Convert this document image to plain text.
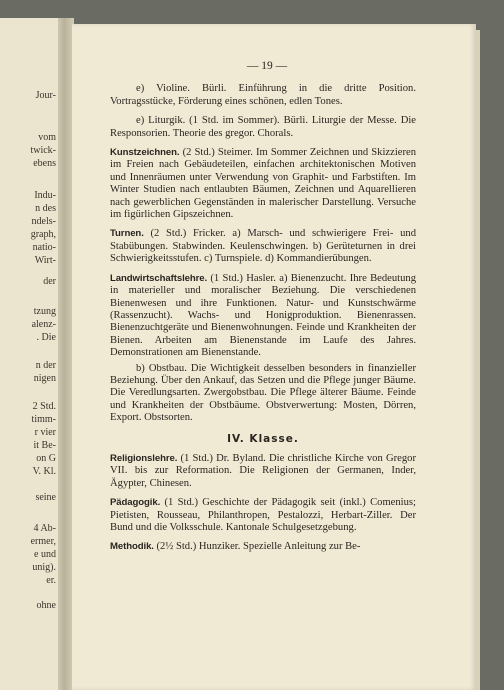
Jour-
vom
twick-
ebens
Indu-
n des
ndels-
graph,
natio-
Wirt-
der
tzung
alenz-
. Die
n der
nigen
2 Std.
timm-
r vier
it Be-
on G
V. Kl.
seine
4 Ab-
ermer,
e und
unig).
er.
ohne
— 19 —

e) Violine. Bürli. Einführung in die dritte Position. Vortragsstücke, Förderung eines schönen, edlen Tones.

e) Liturgik. (1 Std. im Sommer). Bürli. Liturgie der Messe. Die Responsorien. Theorie des gregor. Chorals.

Kunstzeichnen. (2 Std.) Steimer. Im Sommer Zeichnen und Skizzieren im Freien nach Gebäudeteilen, einfachen architektonischen Motiven und Innenräumen unter Verwendung von Graphit- und Farbstiften. Im Winter Studien nach entlaubten Bäumen, Zeichnen und Aquarellieren nach gewerblichen Gegenständen in malerischer Darstellung. Versuche im figürlichen Gipszeichnen.

Turnen. (2 Std.) Fricker. a) Marsch- und schwierigere Frei- und Stabübungen. Stabwinden. Keulenschwingen. b) Gerüteturnen in drei Schwierigkeitsstufen. c) Turnspiele. d) Kommandierübungen.

Landwirtschaftslehre. (1 Std.) Hasler. a) Bienenzucht. Ihre Bedeutung in materieller und moralischer Beziehung. Die verschiedenen Bienenwesen und ihre Funktionen. Natur- und Kunstschwärme (Rassenzucht). Wachs- und Honigproduktion. Bienenrassen. Bienenzuchtgeräte und Bienenwohnungen. Feinde und Krankheiten der Bienen. Arbeiten am Bienenstande im Laufe des Jahres. Demonstrationen am Bienenstande.

b) Obstbau. Die Wichtigkeit desselben besonders in finanzieller Beziehung. Über den Ankauf, das Setzen und die Pflege junger Bäume. Die Veredlungsarten. Zwergobstbau. Die Pflege älterer Bäume. Feinde und Krankheiten der Obstbäume. Obstverwertung: Mosten, Dörren, Export. Obstsorten.

IV. Klasse.

Religionslehre. (1 Std.) Dr. Byland. Die christliche Kirche von Gregor VII. bis zur Reformation. Die Religionen der Germanen, Inder, Ägypter, Chinesen.

Pädagogik. (1 Std.) Geschichte der Pädagogik seit (inkl.) Comenius; Pietisten, Rousseau, Philanthropen, Pestalozzi, Herbart-Ziller. Der Bund und die Volksschule. Kantonale Schulgesetzgebung.

Methodik. (2½ Std.) Hunziker. Spezielle Anleitung zur Be-
